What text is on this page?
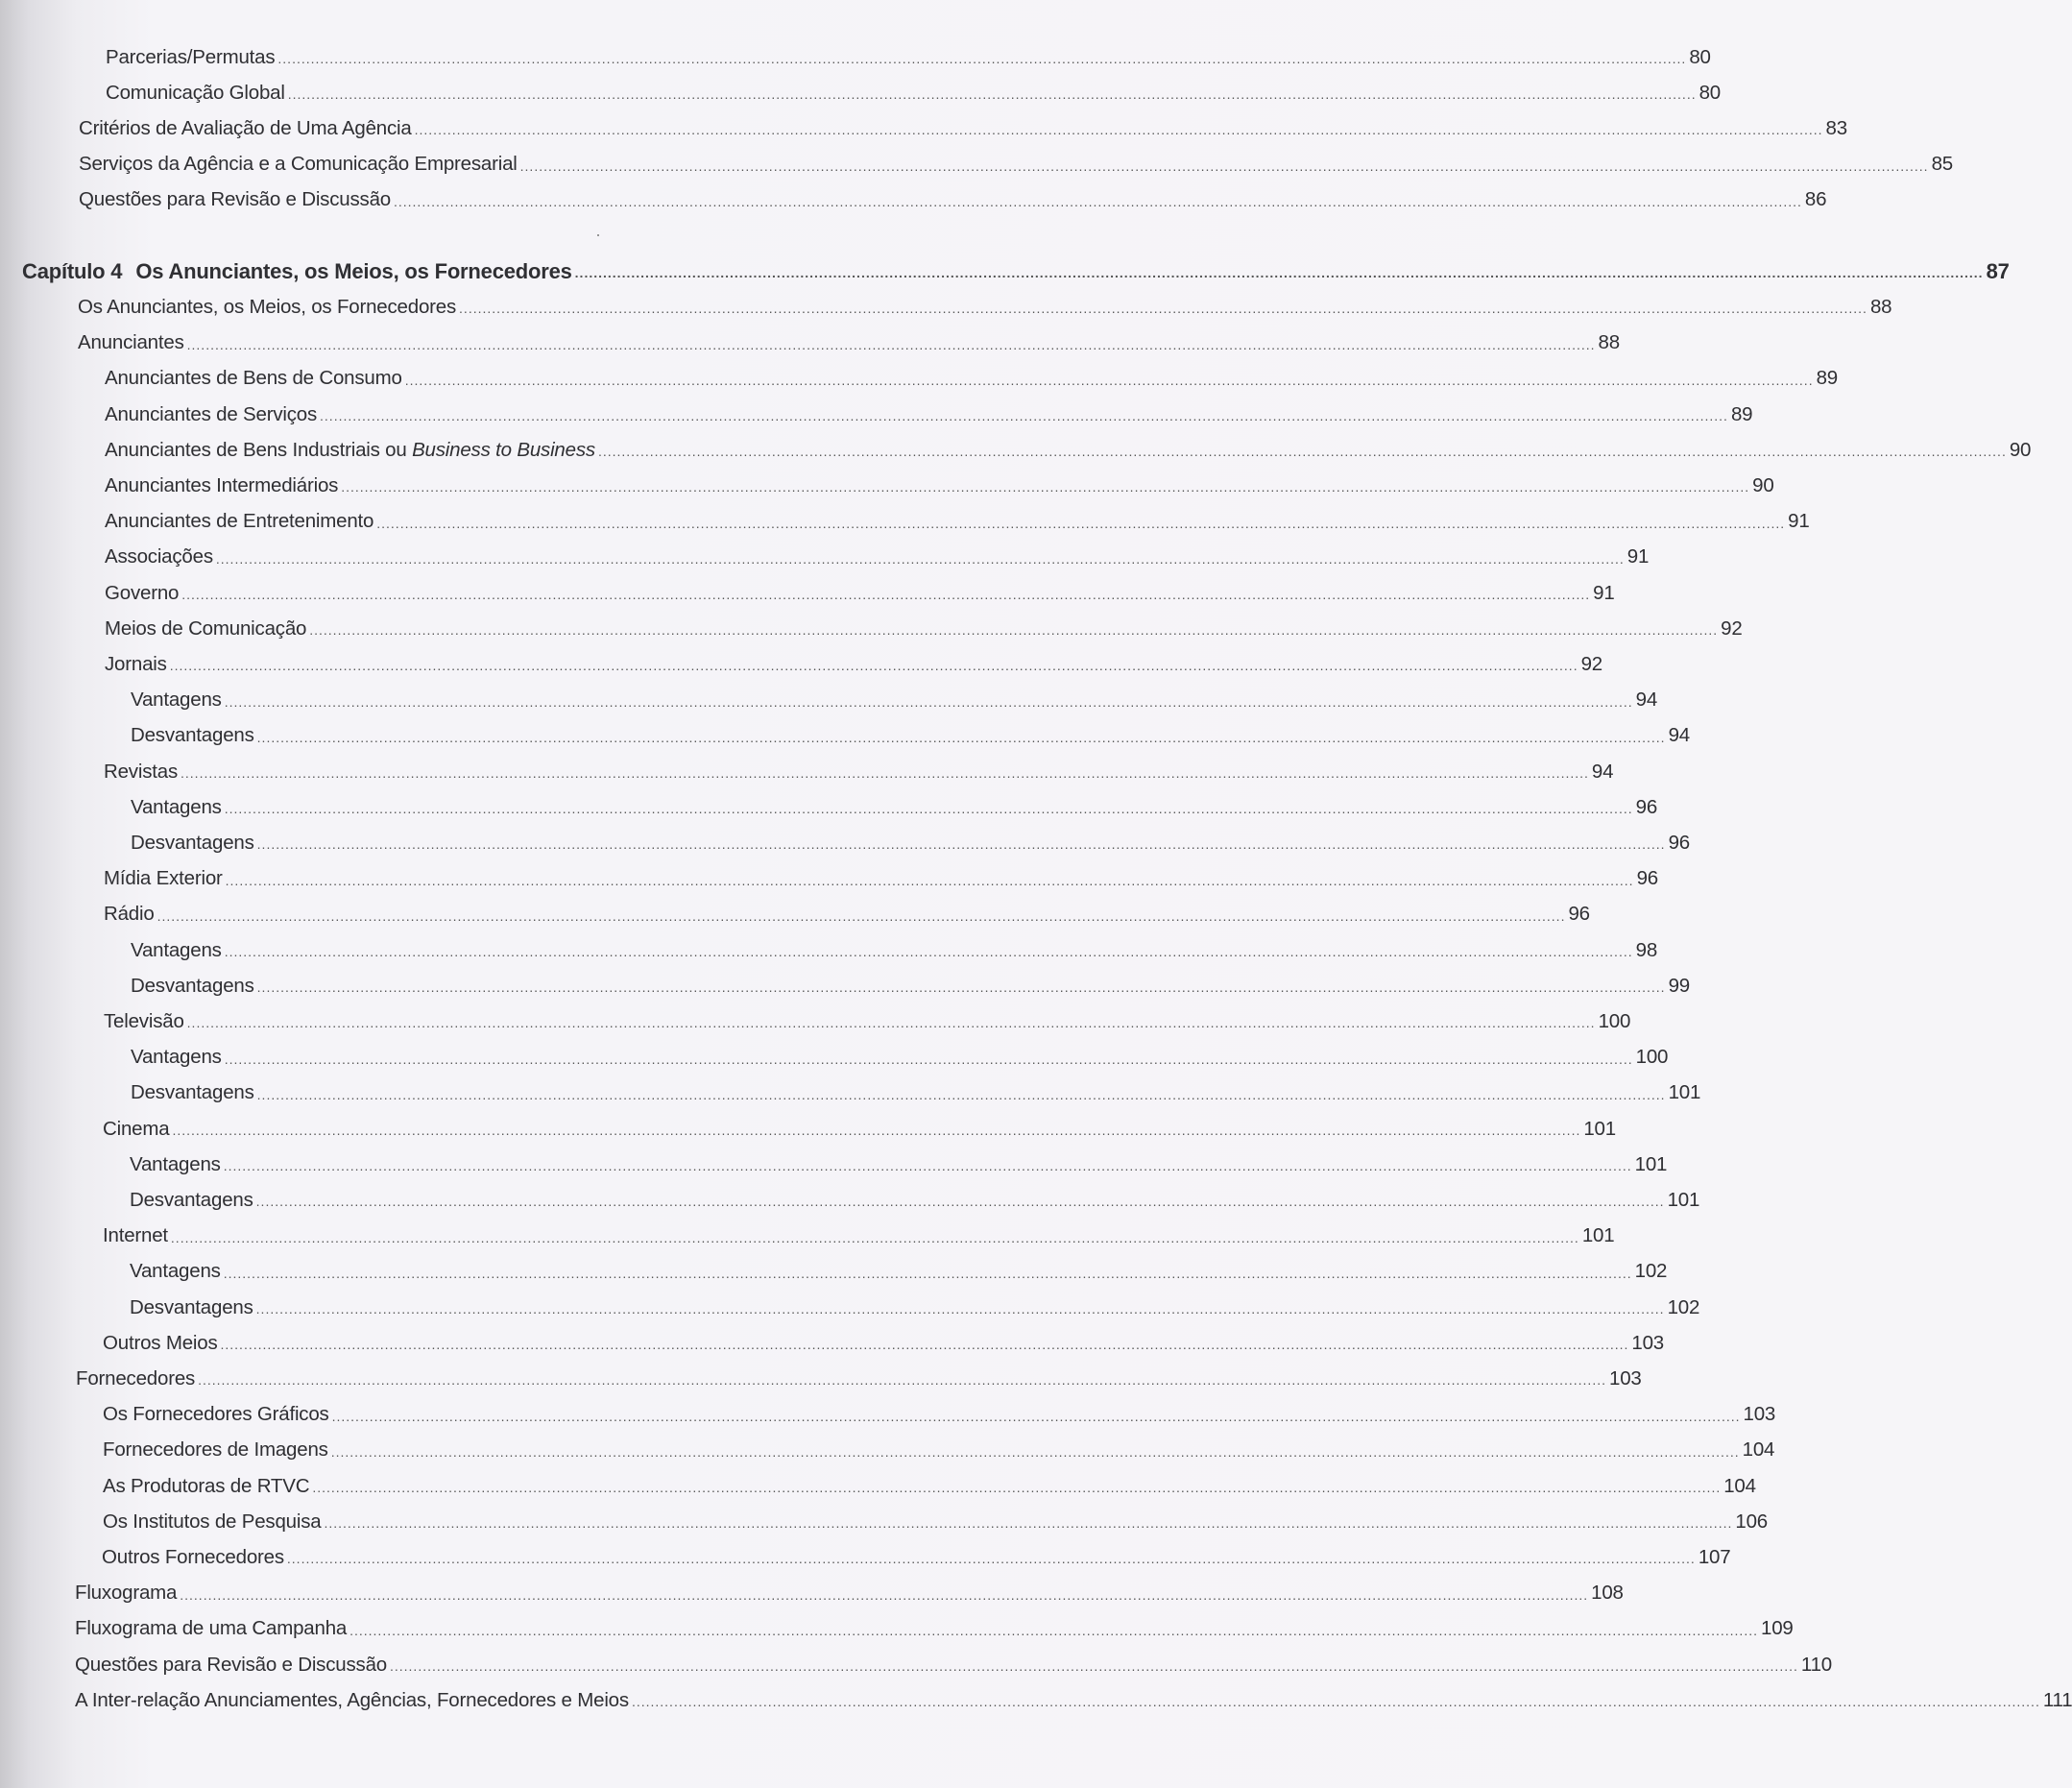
Parcerias/Permutas ............................................................................................................................................................................................................................................................................................................ 80
Comunicação Global ............................................................................................................................................................................................................................................................................................................ 80
Critérios de Avaliação de Uma Agência ............................................................................................................................................................................................................................................................................................................ 83
Serviços da Agência e a Comunicação Empresarial ............................................................................................................................................................................................................................................................................................................ 85
Questões para Revisão e Discussão ............................................................................................................................................................................................................................................................................................................ 86
Capítulo 4 Os Anunciantes, os Meios, os Fornecedores ............................................................................................................................................................................................................................................................................................................ 87
Os Anunciantes, os Meios, os Fornecedores ............................................................................................................................................................................................................................................................................................................ 88
Anunciantes ............................................................................................................................................................................................................................................................................................................ 88
Anunciantes de Bens de Consumo ............................................................................................................................................................................................................................................................................................................ 89
Anunciantes de Serviços ............................................................................................................................................................................................................................................................................................................ 89
Anunciantes de Bens Industriais ou Business to Business ............................................................................................................................................................................................................................................................................................................ 90
Anunciantes Intermediários ............................................................................................................................................................................................................................................................................................................ 90
Anunciantes de Entretenimento ............................................................................................................................................................................................................................................................................................................ 91
Associações ............................................................................................................................................................................................................................................................................................................ 91
Governo ............................................................................................................................................................................................................................................................................................................ 91
Meios de Comunicação ............................................................................................................................................................................................................................................................................................................ 92
Jornais ............................................................................................................................................................................................................................................................................................................ 92
Vantagens ............................................................................................................................................................................................................................................................................................................ 94
Desvantagens ............................................................................................................................................................................................................................................................................................................ 94
Revistas ............................................................................................................................................................................................................................................................................................................ 94
Vantagens ............................................................................................................................................................................................................................................................................................................ 96
Desvantagens ............................................................................................................................................................................................................................................................................................................ 96
Mídia Exterior ............................................................................................................................................................................................................................................................................................................ 96
Rádio ............................................................................................................................................................................................................................................................................................................ 96
Vantagens ............................................................................................................................................................................................................................................................................................................ 98
Desvantagens ............................................................................................................................................................................................................................................................................................................ 99
Televisão ............................................................................................................................................................................................................................................................................................................ 100
Vantagens ............................................................................................................................................................................................................................................................................................................ 100
Desvantagens ............................................................................................................................................................................................................................................................................................................ 101
Cinema ............................................................................................................................................................................................................................................................................................................ 101
Vantagens ............................................................................................................................................................................................................................................................................................................ 101
Desvantagens ............................................................................................................................................................................................................................................................................................................ 101
Internet ............................................................................................................................................................................................................................................................................................................ 101
Vantagens ............................................................................................................................................................................................................................................................................................................ 102
Desvantagens ............................................................................................................................................................................................................................................................................................................ 102
Outros Meios ............................................................................................................................................................................................................................................................................................................ 103
Fornecedores ............................................................................................................................................................................................................................................................................................................ 103
Os Fornecedores Gráficos ............................................................................................................................................................................................................................................................................................................ 103
Fornecedores de Imagens ............................................................................................................................................................................................................................................................................................................ 104
As Produtoras de RTVC ............................................................................................................................................................................................................................................................................................................ 104
Os Institutos de Pesquisa ............................................................................................................................................................................................................................................................................................................ 106
Outros Fornecedores ............................................................................................................................................................................................................................................................................................................ 107
Fluxograma ............................................................................................................................................................................................................................................................................................................ 108
Fluxograma de uma Campanha ............................................................................................................................................................................................................................................................................................................ 109
Questões para Revisão e Discussão ............................................................................................................................................................................................................................................................................................................ 110
A Inter-relação Anunciamentes, Agências, Fornecedores e Meios ............................................................................................................................................................................................................................................................................................................ 111
